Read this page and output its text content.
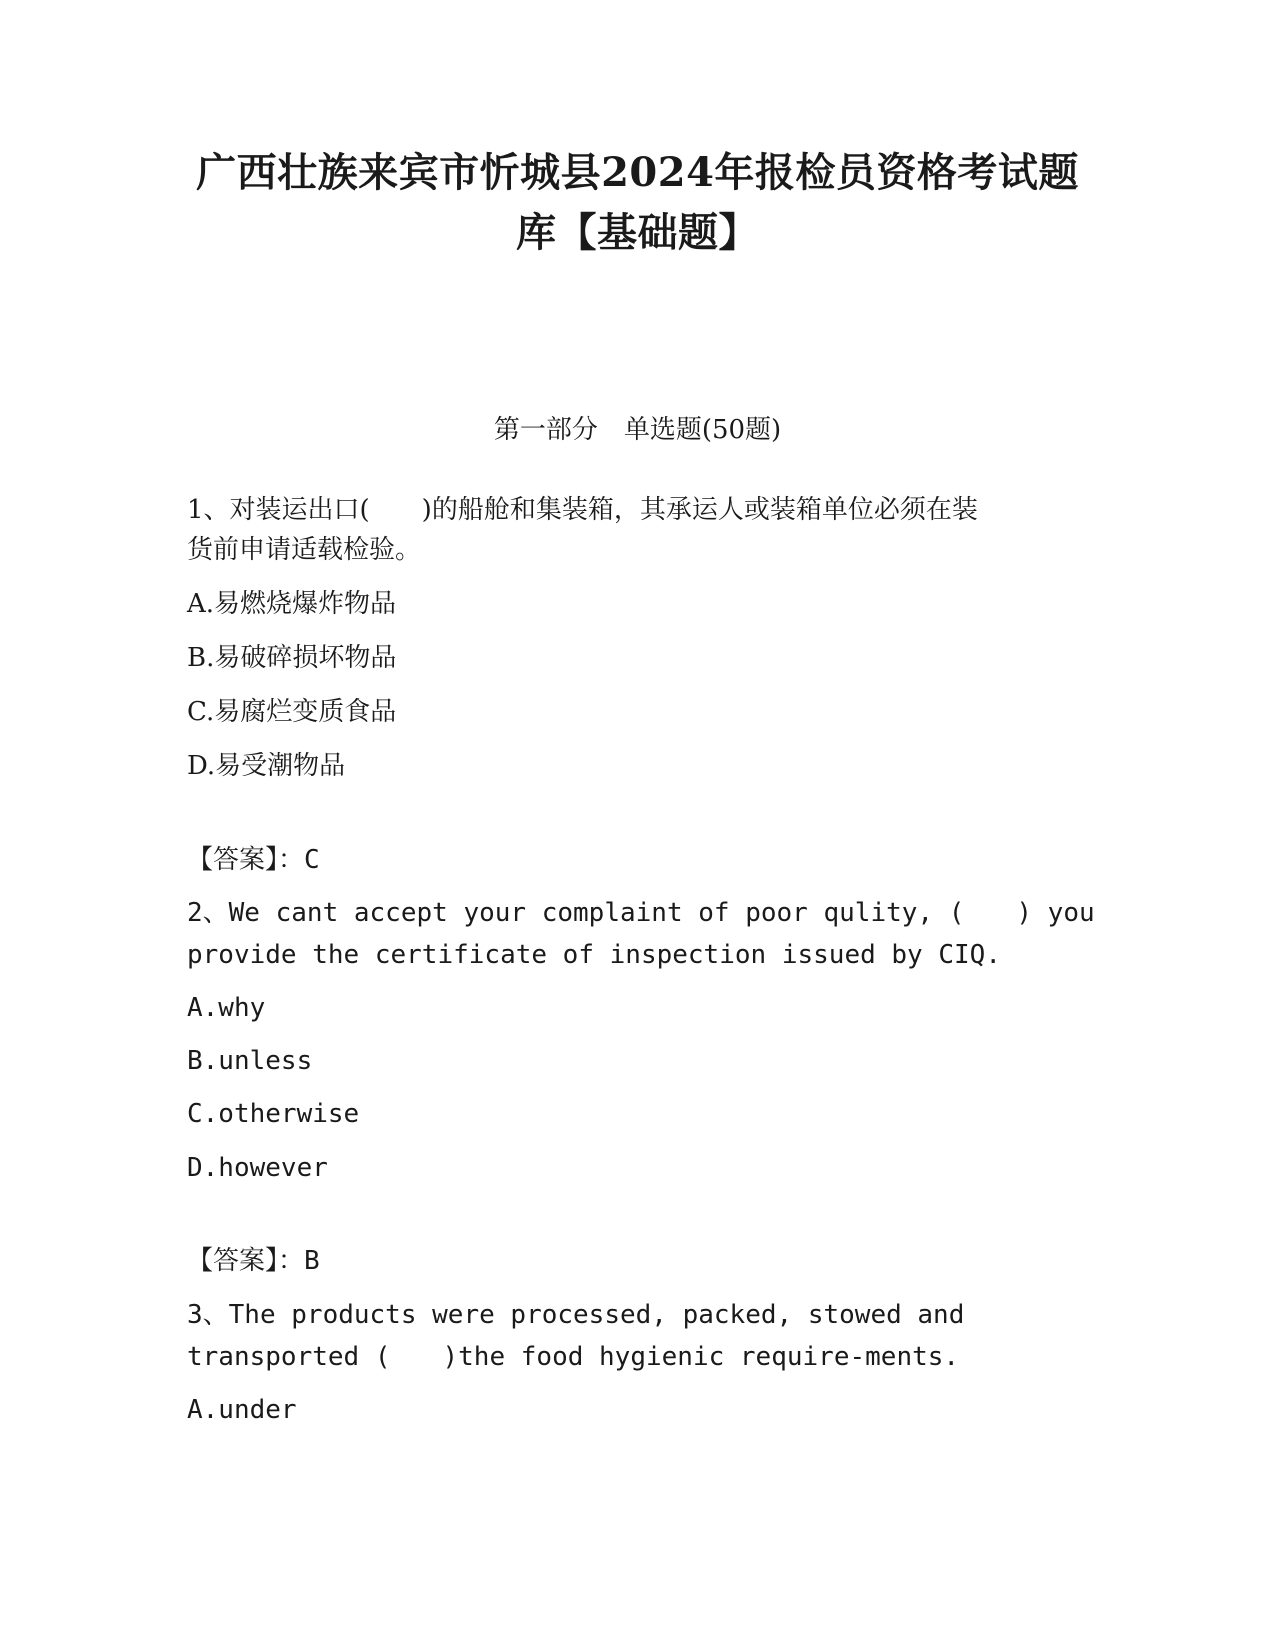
广西壮族来宾市忻城县2024年报检员资格考试题
库【基础题】
第一部分　单选题(50题)
1、对装运出口(　　)的船舱和集装箱，其承运人或装箱单位必须在装
货前申请适载检验。
A.易燃烧爆炸物品
B.易破碎损坏物品
C.易腐烂变质食品
D.易受潮物品
【答案】：C
2、We cant accept your complaint of poor qulity, (　　) you
provide the certificate of inspection issued by CIQ.
A.why
B.unless
C.otherwise
D.however
【答案】：B
3、The products were processed, packed, stowed and
transported (　　)the food hygienic require-ments.
A.under
